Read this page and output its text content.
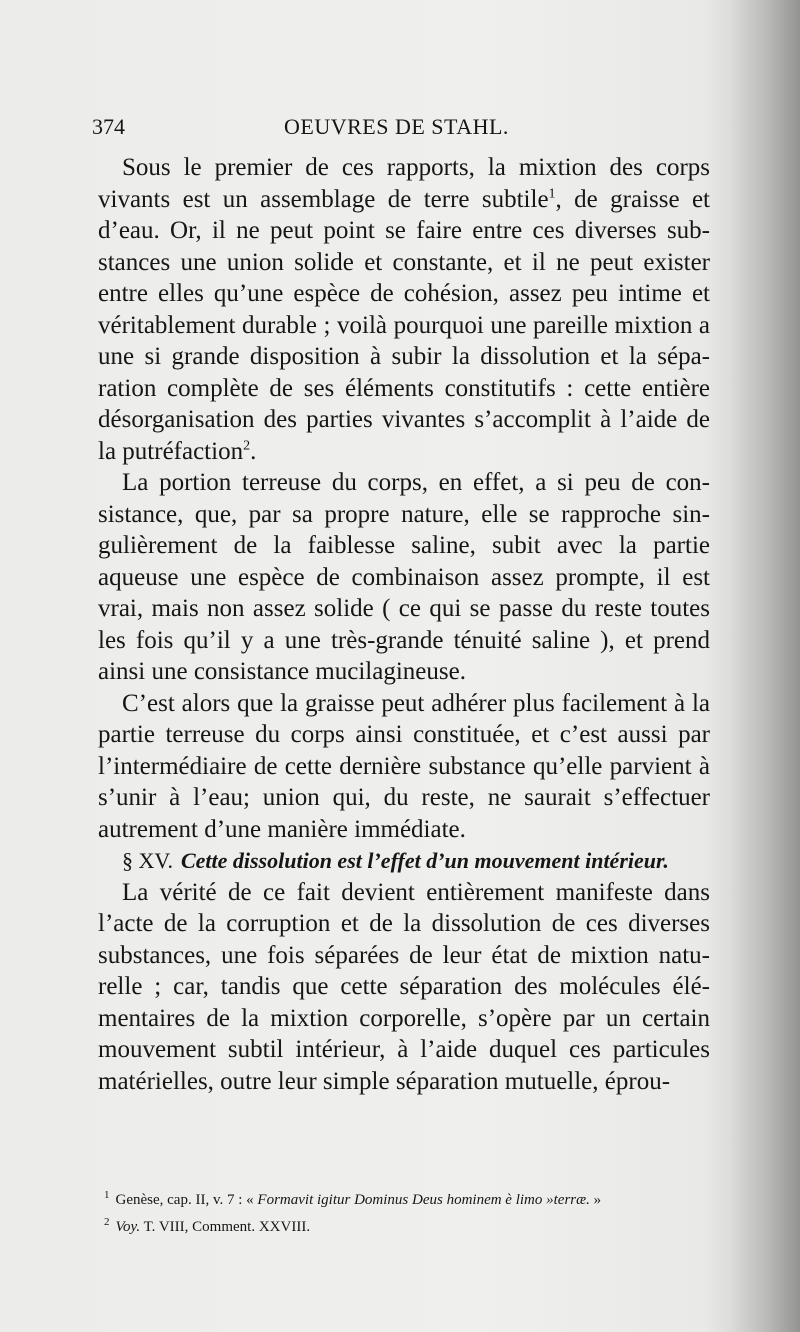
374	OEUVRES DE STAHL.

Sous le premier de ces rapports, la mixtion des corps vivants est un assemblage de terre subtile$^1$, de graisse et d’eau. Or, il ne peut point se faire entre ces diverses substances une union solide et constante, et il ne peut exister entre elles qu’une espèce de cohésion, assez peu intime et véritablement durable ; voilà pourquoi une pareille mixtion a une si grande disposition à subir la dissolution et la séparation complète de ses éléments constitutifs : cette entière désorganisation des parties vivantes s’accomplit à l’aide de la putréfaction$^2$.

La portion terreuse du corps, en effet, a si peu de consistance, que, par sa propre nature, elle se rapproche singulièrement de la faiblesse saline, subit avec la partie aqueuse une espèce de combinaison assez prompte, il est vrai, mais non assez solide ( ce qui se passe du reste toutes les fois qu’il y a une très-grande ténuité saline ), et prend ainsi une consistance mucilagineuse.

C’est alors que la graisse peut adhérer plus facilement à la partie terreuse du corps ainsi constituée, et c’est aussi par l’intermédiaire de cette dernière substance qu’elle parvient à s’unir à l’eau; union qui, du reste, ne saurait s’effectuer autrement d’une manière immédiate.

§ XV. Cette dissolution est l’effet d’un mouvement intérieur.

La vérité de ce fait devient entièrement manifeste dans l’acte de la corruption et de la dissolution de ces diverses substances, une fois séparées de leur état de mixtion naturelle ; car, tandis que cette séparation des molécules élémentaires de la mixtion corporelle, s’opère par un certain mouvement subtil intérieur, à l’aide duquel ces particules matérielles, outre leur simple séparation mutuelle, éprou-

$^1$ Genèse, cap. II, v. 7 : « Formavit igitur Dominus Deus hominem è limo »terræ. »

$^2$ Voy. T. VIII, Comment. XXVIII.
